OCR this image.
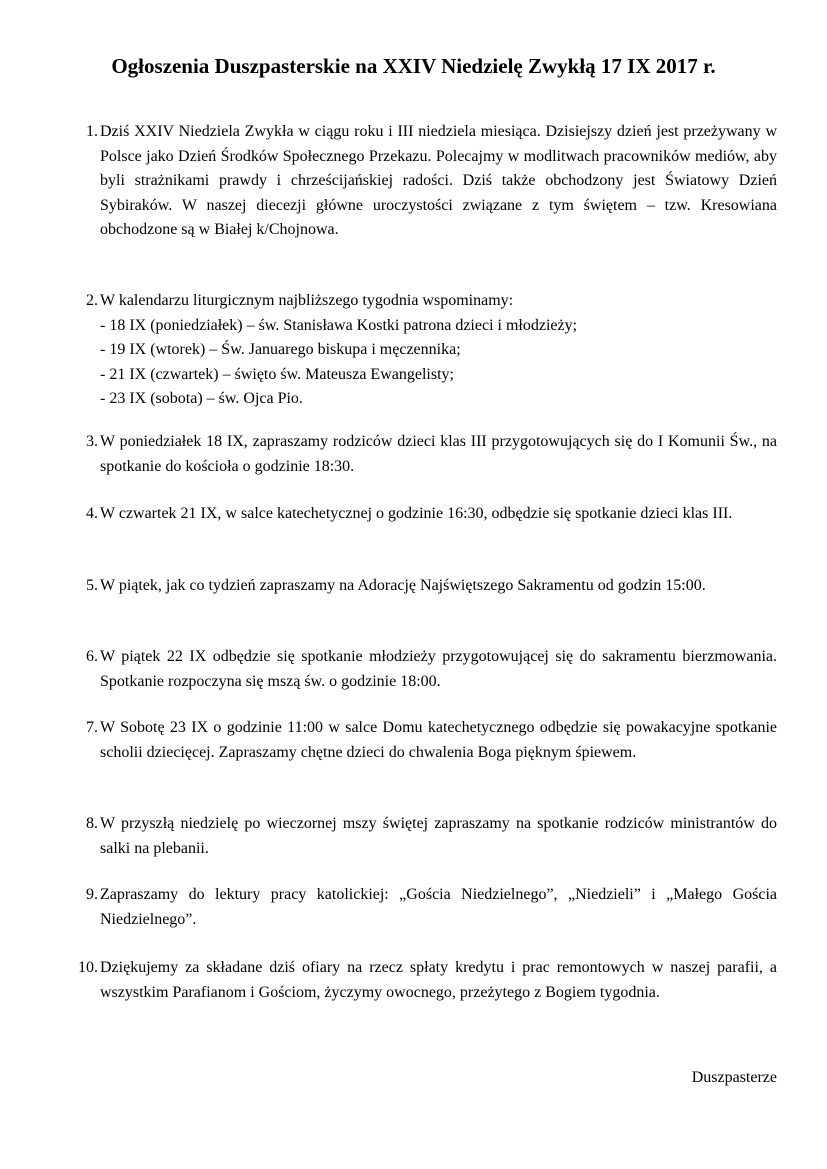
Ogłoszenia Duszpasterskie na XXIV Niedzielę Zwykłą 17 IX 2017 r.
1. Dziś XXIV Niedziela Zwykła w ciągu roku i III niedziela miesiąca. Dzisiejszy dzień jest przeżywany w Polsce jako Dzień Środków Społecznego Przekazu. Polecajmy w modlitwach pracowników mediów, aby byli strażnikami prawdy i chrześcijańskiej radości. Dziś także obchodzony jest Światowy Dzień Sybiraków. W naszej diecezji główne uroczystości związane z tym świętem – tzw. Kresowiana obchodzone są w Białej k/Chojnowa.
2. W kalendarzu liturgicznym najbliższego tygodnia wspominamy:
- 18 IX (poniedziałek) – św. Stanisława Kostki patrona dzieci i młodzieży;
- 19 IX (wtorek) – Św. Januarego biskupa i męczennika;
- 21 IX (czwartek) – święto św. Mateusza Ewangelisty;
- 23 IX (sobota) – św. Ojca Pio.
3. W poniedziałek 18 IX, zapraszamy rodziców dzieci klas III przygotowujących się do I Komunii Św., na spotkanie do kościoła o godzinie 18:30.
4. W czwartek 21 IX, w salce katechetycznej o godzinie 16:30, odbędzie się spotkanie dzieci klas III.
5. W piątek, jak co tydzień zapraszamy na Adorację Najświętszego Sakramentu od godzin 15:00.
6. W piątek 22 IX odbędzie się spotkanie młodzieży przygotowującej się do sakramentu bierzmowania. Spotkanie rozpoczyna się mszą św. o godzinie 18:00.
7. W Sobotę 23 IX o godzinie 11:00 w salce Domu katechetycznego odbędzie się powakacyjne spotkanie scholii dziecięcej. Zapraszamy chętne dzieci do chwalenia Boga pięknym śpiewem.
8. W przyszłą niedzielę po wieczornej mszy świętej zapraszamy na spotkanie rodziców ministrantów do salki na plebanii.
9. Zapraszamy do lektury pracy katolickiej: „Gościa Niedzielnego”, „Niedzieli” i „Małego Gościa Niedzielnego”.
10. Dziękujemy za składane dziś ofiary na rzecz spłaty kredytu i prac remontowych w naszej parafii, a wszystkim Parafianom i Gościom, życzymy owocnego, przeżytego z Bogiem tygodnia.
Duszpasterze
